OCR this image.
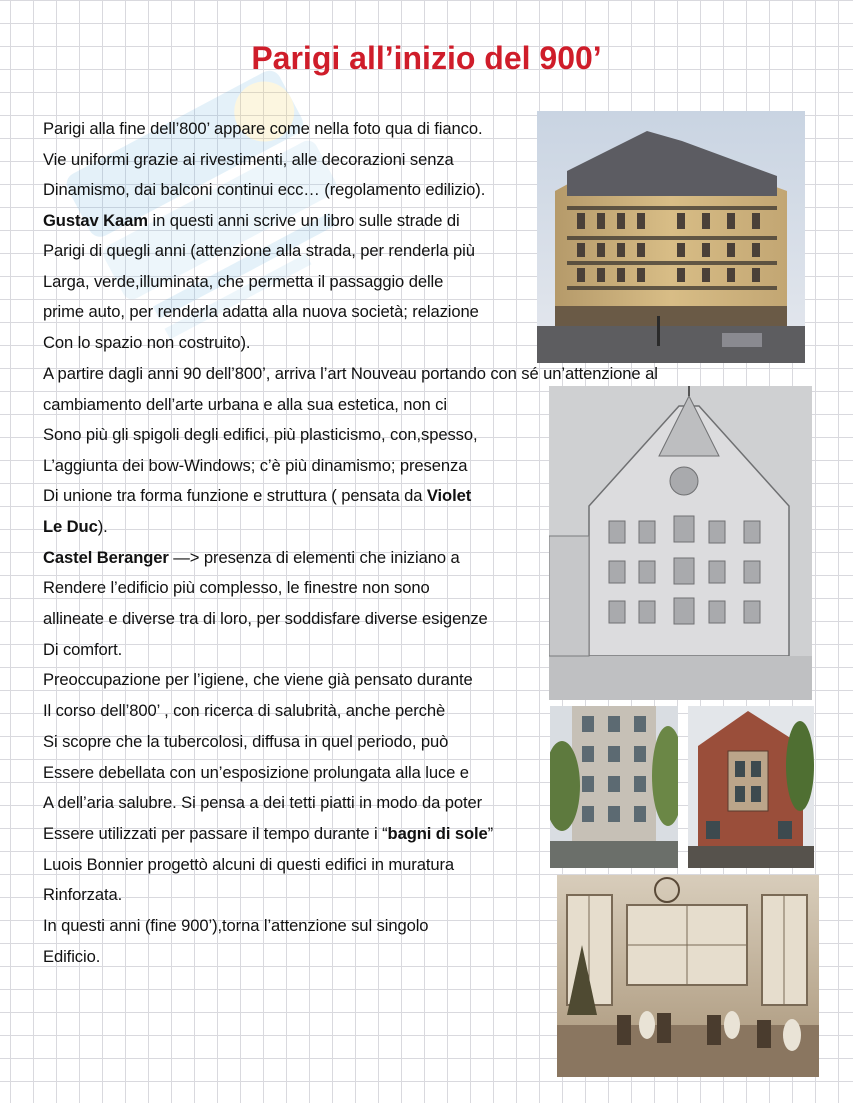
Parigi all’inizio del 900’
Parigi alla fine dell’800’ appare come nella foto qua di fianco.
Vie uniformi grazie ai rivestimenti, alle decorazioni senza
Dinamismo, dai balconi continui ecc… (regolamento edilizio).
Gustav Kaam in questi anni scrive un libro sulle strade di
Parigi di quegli anni (attenzione alla strada, per renderla più
Larga, verde,illuminata, che permetta il passaggio delle
prime auto, per renderla adatta alla nuova società; relazione
Con lo spazio non costruito).
A partire dagli anni 90 dell’800’, arriva l’art Nouveau portando con sé un’attenzione al
cambiamento dell’arte urbana e alla sua estetica, non ci
Sono più gli spigoli degli edifici, più plasticismo, con,spesso,
L’aggiunta dei bow-Windows; c’è più dinamismo; presenza
Di unione tra forma funzione e struttura ( pensata da Violet
Le Duc).
Castel Beranger —> presenza di elementi che iniziano a
Rendere l’edificio più complesso, le finestre non sono
allineate e diverse tra di loro, per soddisfare diverse esigenze
Di comfort.
Preoccupazione per l’igiene, che viene già pensato durante
Il corso dell’800’ , con ricerca di salubrità, anche perchè
Si scopre che la tubercolosi, diffusa in quel periodo, può
Essere debellata con un’esposizione prolungata alla luce e
A dell’aria salubre. Si pensa a dei tetti piatti in modo da poter
Essere utilizzati per passare il tempo durante i “bagni di sole”
Luois Bonnier progettò alcuni di questi edifici in muratura
Rinforzata.
In questi anni (fine 900’),torna l’attenzione sul singolo
Edificio.
